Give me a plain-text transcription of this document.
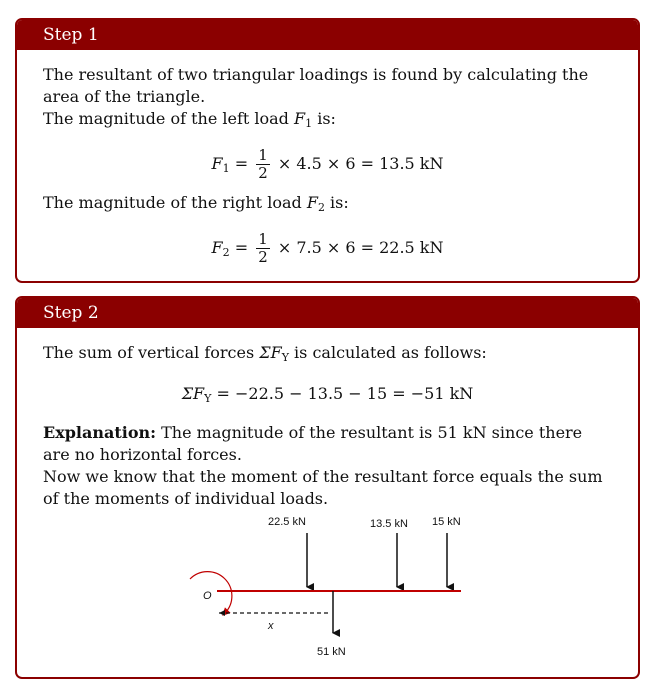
Step 1

The resultant of two triangular loadings is found by calculating the area of the triangle.

The magnitude of the left load $F_1$ is:

$F_1 = \frac{1}{2} \times 4.5 \times 6 = 13.5$ kN

The magnitude of the right load $F_2$ is:

$F_2 = \frac{1}{2} \times 7.5 \times 6 = 22.5$ kN
Step 2

The sum of vertical forces $\Sigma F_Y$ is calculated as follows:

$\Sigma F_Y = -22.5 - 13.5 - 15 = -51$ kN

Explanation: The magnitude of the resultant is 51 kN since there are no horizontal forces.

Now we know that the moment of the resultant force equals the sum of the moments of individual loads.

22.5 kN	13.5 kN 15 kN
O
51 kN
x
